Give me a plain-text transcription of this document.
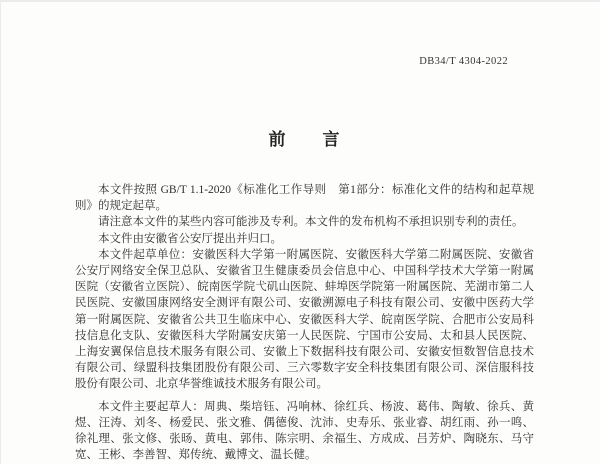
DB34/T 4304-2022
前　　言

本文件按照 GB/T 1.1-2020《标准化工作导则　第1部分：标准化文件的结构和起草规则》的规定起草。

请注意本文件的某些内容可能涉及专利。本文件的发布机构不承担识别专利的责任。

本文件由安徽省公安厅提出并归口。

本文件起草单位：安徽医科大学第一附属医院、安徽医科大学第二附属医院、安徽省公安厅网络安全保卫总队、安徽省卫生健康委员会信息中心、中国科学技术大学第一附属医院（安徽省立医院）、皖南医学院弋矶山医院、蚌埠医学院第一附属医院、芜湖市第二人民医院、安徽国康网络安全测评有限公司、安徽溯源电子科技有限公司、安徽中医药大学第一附属医院、安徽省公共卫生临床中心、安徽医科大学、皖南医学院、合肥市公安局科技信息化支队、安徽医科大学附属安庆第一人民医院、宁国市公安局、太和县人民医院、上海安翼保信息技术服务有限公司、安徽上下数据科技有限公司、安徽安恒数智信息技术有限公司、绿盟科技集团股份有限公司、三六零数字安全科技集团有限公司、深信服科技股份有限公司、北京华誉维诚技术服务有限公司。

本文件主要起草人：周典、柴培钰、冯响林、徐红兵、杨波、葛伟、陶敏、徐兵、黄煜、汪涛、刘冬、杨爱民、张文雅、偶德俊、沈沛、史寿乐、张业睿、胡红雨、孙一鸣、徐礼理、张文修、张旸、黄电、郭伟、陈宗明、余福生、方成成、吕芳炉、陶晓东、马守宽、王彬、李善智、郑传统、戴博文、温长健。
